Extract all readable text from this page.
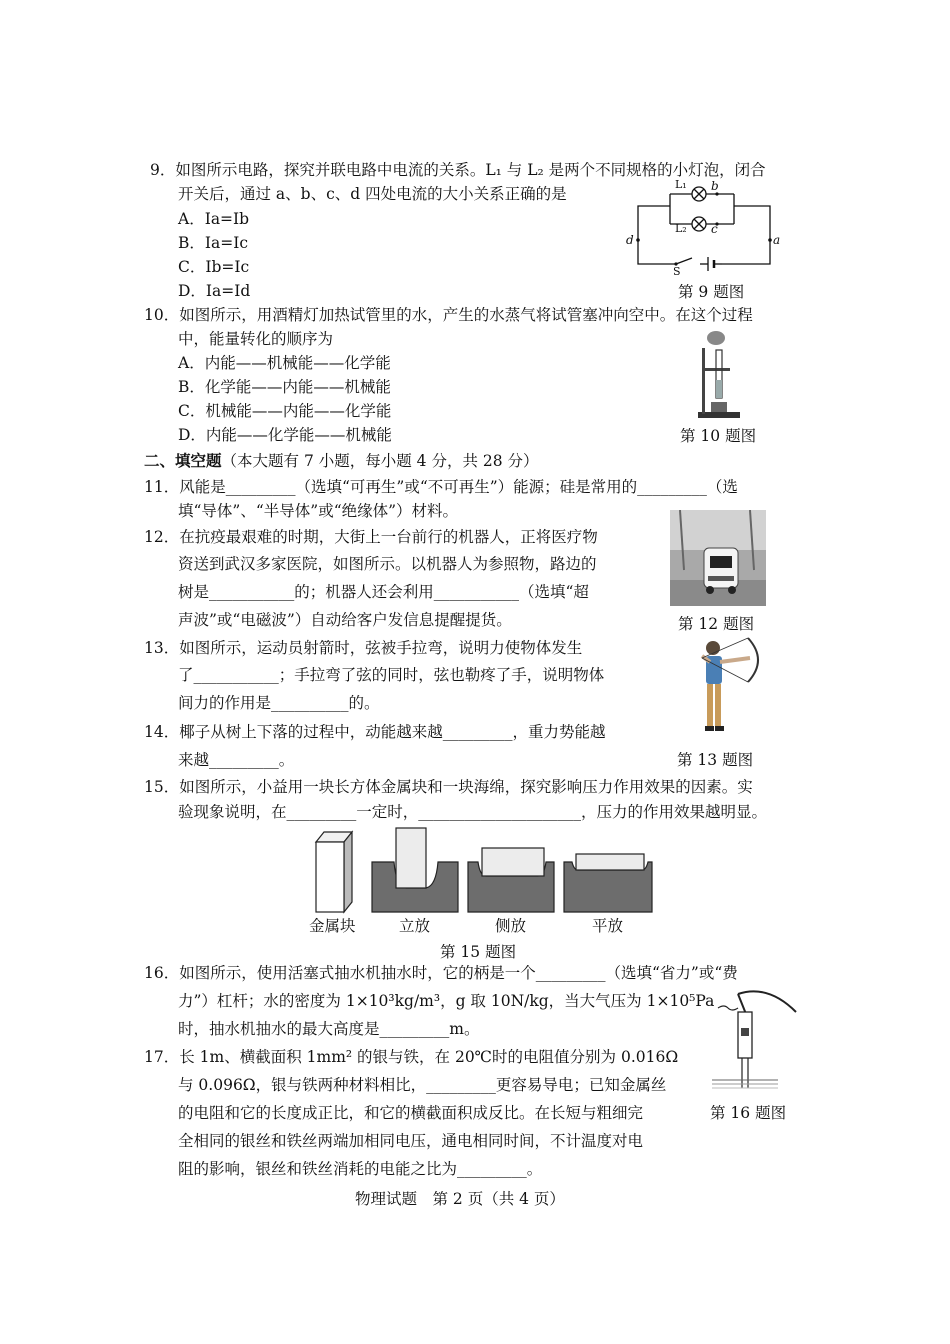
9．如图所示电路，探究并联电路中电流的关系。L₁ 与 L₂ 是两个不同规格的小灯泡，闭合
开关后，通过 a、b、c、d 四处电流的大小关系正确的是
A．Ia=Ib
B．Ia=Ic
C．Ib=Ic
D．Ia=Id
L₁ b
L₂ c
d	a
S
第 9 题图
10．如图所示，用酒精灯加热试管里的水，产生的水蒸气将试管塞冲向空中。在这个过程
中，能量转化的顺序为
A．内能——机械能——化学能
B．化学能——内能——机械能
C．机械能——内能——化学能
D．内能——化学能——机械能	第 10 题图
二、填空题（本大题有 7 小题，每小题 4 分，共 28 分）
11．风能是_________（选填“可再生”或“不可再生”）能源；硅是常用的_________（选
填“导体”、“半导体”或“绝缘体”）材料。
12．在抗疫最艰难的时期，大街上一台前行的机器人，正将医疗物
资送到武汉多家医院，如图所示。以机器人为参照物，路边的
树是___________的；机器人还会利用___________（选填“超
声波”或“电磁波”）自动给客户发信息提醒提货。	第 12 题图
13．如图所示，运动员射箭时，弦被手拉弯，说明力使物体发生
了___________；手拉弯了弦的同时，弦也勒疼了手，说明物体
间力的作用是__________的。
14．椰子从树上下落的过程中，动能越来越_________，重力势能越
来越_________。	第 13 题图
15．如图所示，小益用一块长方体金属块和一块海绵，探究影响压力作用效果的因素。实
验现象说明，在_________一定时，_____________________，压力的作用效果越明显。
金属块	立放	侧放	平放
第 15 题图
16．如图所示，使用活塞式抽水机抽水时，它的柄是一个_________（选填“省力”或“费
力”）杠杆；水的密度为 1×10³kg/m³，g 取 10N/kg，当大气压为 1×10⁵Pa
时，抽水机抽水的最大高度是_________m。
17．长 1m、横截面积 1mm² 的银与铁，在 20℃时的电阻值分别为 0.016Ω
与 0.096Ω，银与铁两种材料相比，_________更容易导电；已知金属丝
的电阻和它的长度成正比，和它的横截面积成反比。在长短与粗细完
全相同的银丝和铁丝两端加相同电压，通电相同时间，不计温度对电
阻的影响，银丝和铁丝消耗的电能之比为_________。
第 16 题图
物理试题　第 2 页（共 4 页）
